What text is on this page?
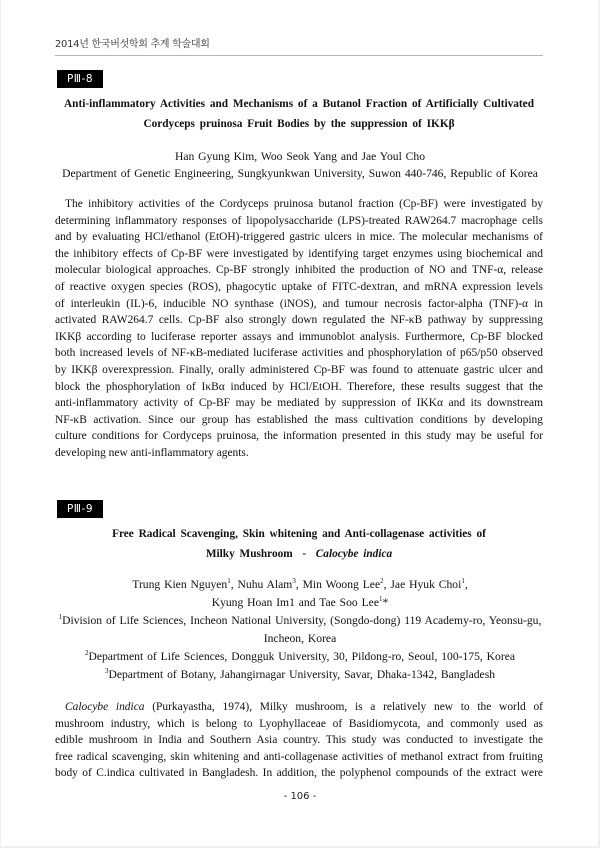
2014년 한국버섯학회 추계 학술대회
PⅢ-8
Anti-inflammatory Activities and Mechanisms of a Butanol Fraction of Artificially Cultivated
Cordyceps pruinosa Fruit Bodies by the suppression of IKKβ
Han Gyung Kim, Woo Seok Yang and Jae Youl Cho
Department of Genetic Engineering, Sungkyunkwan University, Suwon 440-746, Republic of Korea
The inhibitory activities of the Cordyceps pruinosa butanol fraction (Cp-BF) were investigated by
determining inflammatory responses of lipopolysaccharide (LPS)-treated RAW264.7 macrophage cells
and by evaluating HCl/ethanol (EtOH)-triggered gastric ulcers in mice. The molecular mechanisms of
the inhibitory effects of Cp-BF were investigated by identifying target enzymes using biochemical and
molecular biological approaches. Cp-BF strongly inhibited the production of NO and TNF-α, release
of reactive oxygen species (ROS), phagocytic uptake of FITC-dextran, and mRNA expression levels
of interleukin (IL)-6, inducible NO synthase (iNOS), and tumour necrosis factor-alpha (TNF)-α in
activated RAW264.7 cells. Cp-BF also strongly down regulated the NF-κB pathway by suppressing
IKKβ according to luciferase reporter assays and immunoblot analysis. Furthermore, Cp-BF blocked
both increased levels of NF-κB-mediated luciferase activities and phosphorylation of p65/p50 observed
by IKKβ overexpression. Finally, orally administered Cp-BF was found to attenuate gastric ulcer and
block the phosphorylation of IκBα induced by HCl/EtOH. Therefore, these results suggest that the
anti-inflammatory activity of Cp-BF may be mediated by suppression of IKKα and its downstream
NF-κB activation. Since our group has established the mass cultivation conditions by developing
culture conditions for Cordyceps pruinosa, the information presented in this study may be useful for
developing new anti-inflammatory agents.
PⅢ-9
Free Radical Scavenging, Skin whitening and Anti-collagenase activities of
Milky Mushroom  -  Calocybe indica
Trung Kien Nguyen$^1$, Nuhu Alam$^3$, Min Woong Lee$^2$, Jae Hyuk Choi$^1$,
Kyung Hoan Im1 and Tae Soo Lee$^1$*
$^1$Division of Life Sciences, Incheon National University, (Songdo-dong) 119 Academy-ro, Yeonsu-gu,
Incheon, Korea
$^2$Department of Life Sciences, Dongguk University, 30, Pildong-ro, Seoul, 100-175, Korea
$^3$Department of Botany, Jahangirnagar University, Savar, Dhaka-1342, Bangladesh
Calocybe indica (Purkayastha, 1974), Milky mushroom, is a relatively new to the world of
mushroom industry, which is belong to Lyophyllaceae of Basidiomycota, and commonly used as
edible mushroom in India and Southern Asia country. This study was conducted to investigate the
free radical scavenging, skin whitening and anti-collagenase activities of methanol extract from fruiting
body of C.indica cultivated in Bangladesh. In addition, the polyphenol compounds of the extract were
- 106 -
